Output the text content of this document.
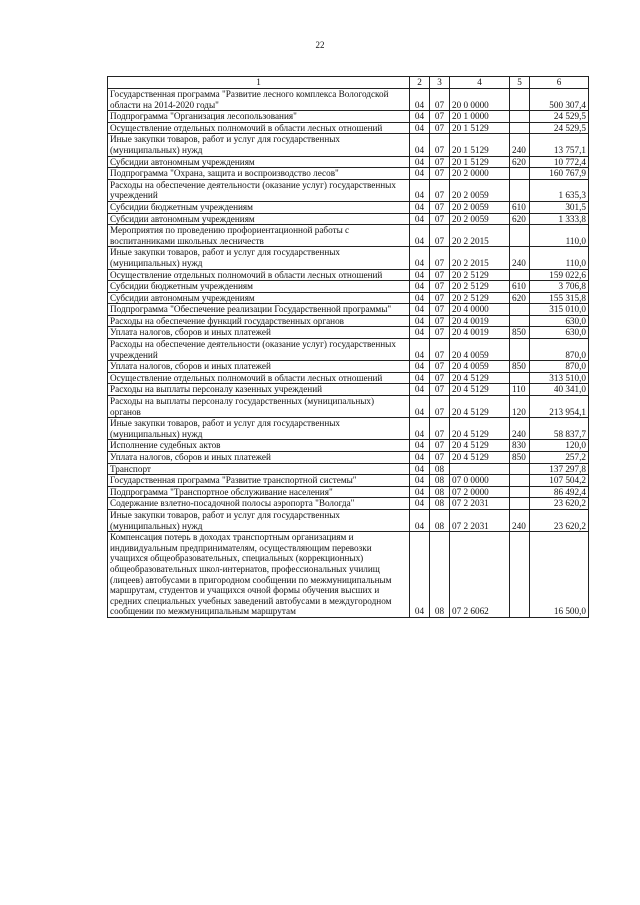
22
1	2	3	4	5	6
Государственная программа "Развитие лесного комплекса Вологодской области на 2014-2020 годы"	04	07	20 0 0000		500 307,4
Подпрограмма "Организация лесопользования"	04	07	20 1 0000		24 529,5
Осуществление отдельных полномочий в области лесных отношений	04	07	20 1 5129		24 529,5
Иные закупки товаров, работ и услуг для государственных (муниципальных) нужд	04	07	20 1 5129	240	13 757,1
Субсидии автономным учреждениям	04	07	20 1 5129	620	10 772,4
Подпрограмма "Охрана, защита и воспроизводство лесов"	04	07	20 2 0000		160 767,9
Расходы на обеспечение деятельности (оказание услуг) государственных учреждений	04	07	20 2 0059		1 635,3
Субсидии бюджетным учреждениям	04	07	20 2 0059	610	301,5
Субсидии автономным учреждениям	04	07	20 2 0059	620	1 333,8
Мероприятия по проведению профориентационной работы с воспитанниками школьных лесничеств	04	07	20 2 2015		110,0
Иные закупки товаров, работ и услуг для государственных (муниципальных) нужд	04	07	20 2 2015	240	110,0
Осуществление отдельных полномочий в области лесных отношений	04	07	20 2 5129		159 022,6
Субсидии бюджетным учреждениям	04	07	20 2 5129	610	3 706,8
Субсидии автономным учреждениям	04	07	20 2 5129	620	155 315,8
Подпрограмма "Обеспечение реализации Государственной программы"	04	07	20 4 0000		315 010,0
Расходы на обеспечение функций государственных органов	04	07	20 4 0019		630,0
Уплата налогов, сборов и иных платежей	04	07	20 4 0019	850	630,0
Расходы на обеспечение деятельности (оказание услуг) государственных учреждений	04	07	20 4 0059		870,0
Уплата налогов, сборов и иных платежей	04	07	20 4 0059	850	870,0
Осуществление отдельных полномочий в области лесных отношений	04	07	20 4 5129		313 510,0
Расходы на выплаты персоналу казенных учреждений	04	07	20 4 5129	110	40 341,0
Расходы на выплаты персоналу государственных (муниципальных) органов	04	07	20 4 5129	120	213 954,1
Иные закупки товаров, работ и услуг для государственных (муниципальных) нужд	04	07	20 4 5129	240	58 837,7
Исполнение судебных актов	04	07	20 4 5129	830	120,0
Уплата налогов, сборов и иных платежей	04	07	20 4 5129	850	257,2
Транспорт	04	08			137 297,8
Государственная программа "Развитие транспортной системы"	04	08	07 0 0000		107 504,2
Подпрограмма "Транспортное обслуживание населения"	04	08	07 2 0000		86 492,4
Содержание взлетно-посадочной полосы аэропорта "Вологда"	04	08	07 2 2031		23 620,2
Иные закупки товаров, работ и услуг для государственных (муниципальных) нужд	04	08	07 2 2031	240	23 620,2
Компенсация потерь в доходах транспортным организациям и индивидуальным предпринимателям, осуществляющим перевозки учащихся общеобразовательных, специальных (коррекционных) общеобразовательных школ-интернатов, профессиональных училищ (лицеев) автобусами в пригородном сообщении по межмуниципальным маршрутам, студентов и учащихся очной формы обучения высших и средних специальных учебных заведений автобусами в междугородном сообщении по межмуниципальным маршрутам	04	08	07 2 6062		16 500,0
